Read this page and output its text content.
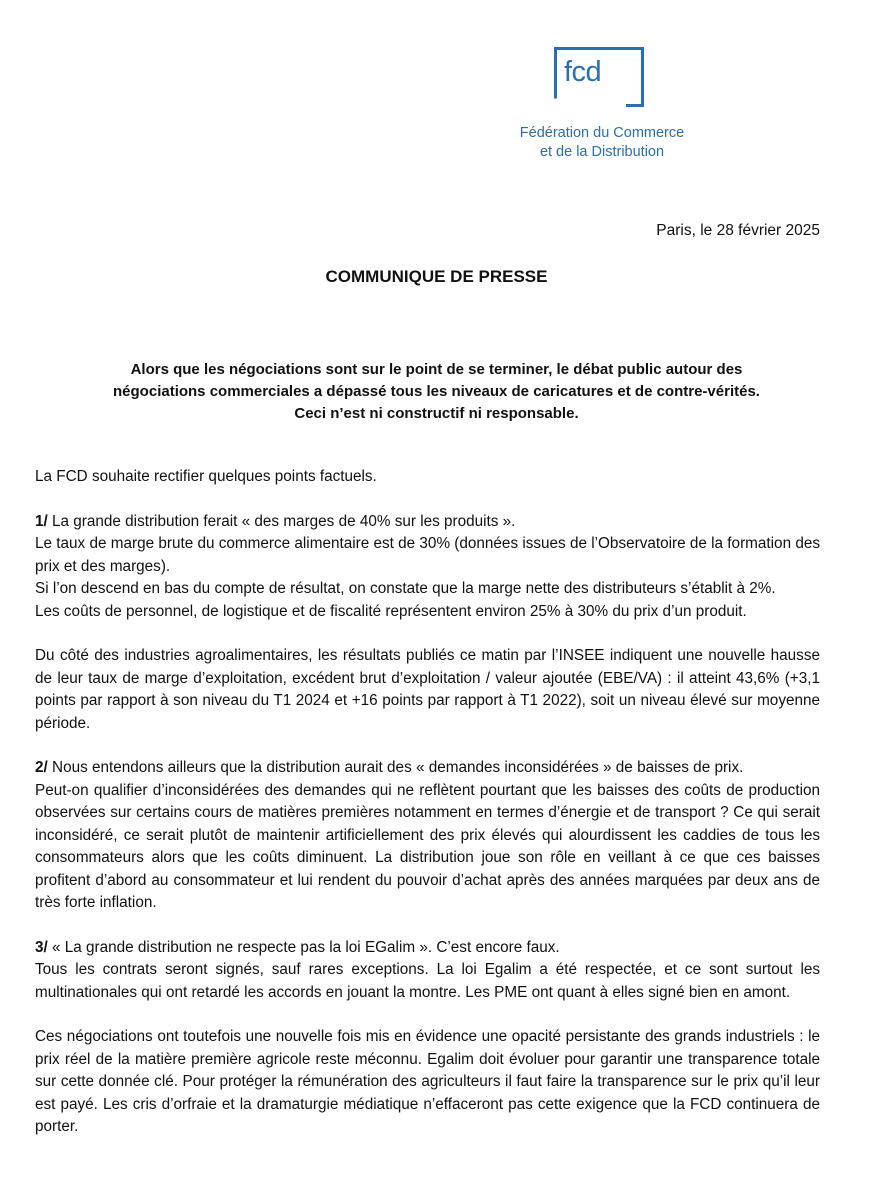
fcd
Fédération du Commerce
et de la Distribution
Paris, le 28 février 2025
COMMUNIQUE DE PRESSE
Alors que les négociations sont sur le point de se terminer, le débat public autour des
négociations commerciales a dépassé tous les niveaux de caricatures et de contre-vérités.
Ceci n’est ni constructif ni responsable.

La FCD souhaite rectifier quelques points factuels.

1/ La grande distribution ferait « des marges de 40% sur les produits ».
Le taux de marge brute du commerce alimentaire est de 30% (données issues de l’Observatoire de la formation des prix et des marges).
Si l’on descend en bas du compte de résultat, on constate que la marge nette des distributeurs s’établit à 2%.
Les coûts de personnel, de logistique et de fiscalité représentent environ 25% à 30% du prix d’un produit.

Du côté des industries agroalimentaires, les résultats publiés ce matin par l’INSEE indiquent une nouvelle hausse de leur taux de marge d’exploitation, excédent brut d’exploitation / valeur ajoutée (EBE/VA) : il atteint 43,6% (+3,1 points par rapport à son niveau du T1 2024 et +16 points par rapport à T1 2022), soit un niveau élevé sur moyenne période.

2/ Nous entendons ailleurs que la distribution aurait des « demandes inconsidérées » de baisses de prix.
Peut-on qualifier d’inconsidérées des demandes qui ne reflètent pourtant que les baisses des coûts de production observées sur certains cours de matières premières notamment en termes d’énergie et de transport ? Ce qui serait inconsidéré, ce serait plutôt de maintenir artificiellement des prix élevés qui alourdissent les caddies de tous les consommateurs alors que les coûts diminuent. La distribution joue son rôle en veillant à ce que ces baisses profitent d’abord au consommateur et lui rendent du pouvoir d’achat après des années marquées par deux ans de très forte inflation.

3/ « La grande distribution ne respecte pas la loi EGalim ». C’est encore faux.
Tous les contrats seront signés, sauf rares exceptions. La loi Egalim a été respectée, et ce sont surtout les multinationales qui ont retardé les accords en jouant la montre. Les PME ont quant à elles signé bien en amont.

Ces négociations ont toutefois une nouvelle fois mis en évidence une opacité persistante des grands industriels : le prix réel de la matière première agricole reste méconnu. Egalim doit évoluer pour garantir une transparence totale sur cette donnée clé. Pour protéger la rémunération des agriculteurs il faut faire la transparence sur le prix qu’il leur est payé. Les cris d’orfraie et la dramaturgie médiatique n’effaceront pas cette exigence que la FCD continuera de porter.
